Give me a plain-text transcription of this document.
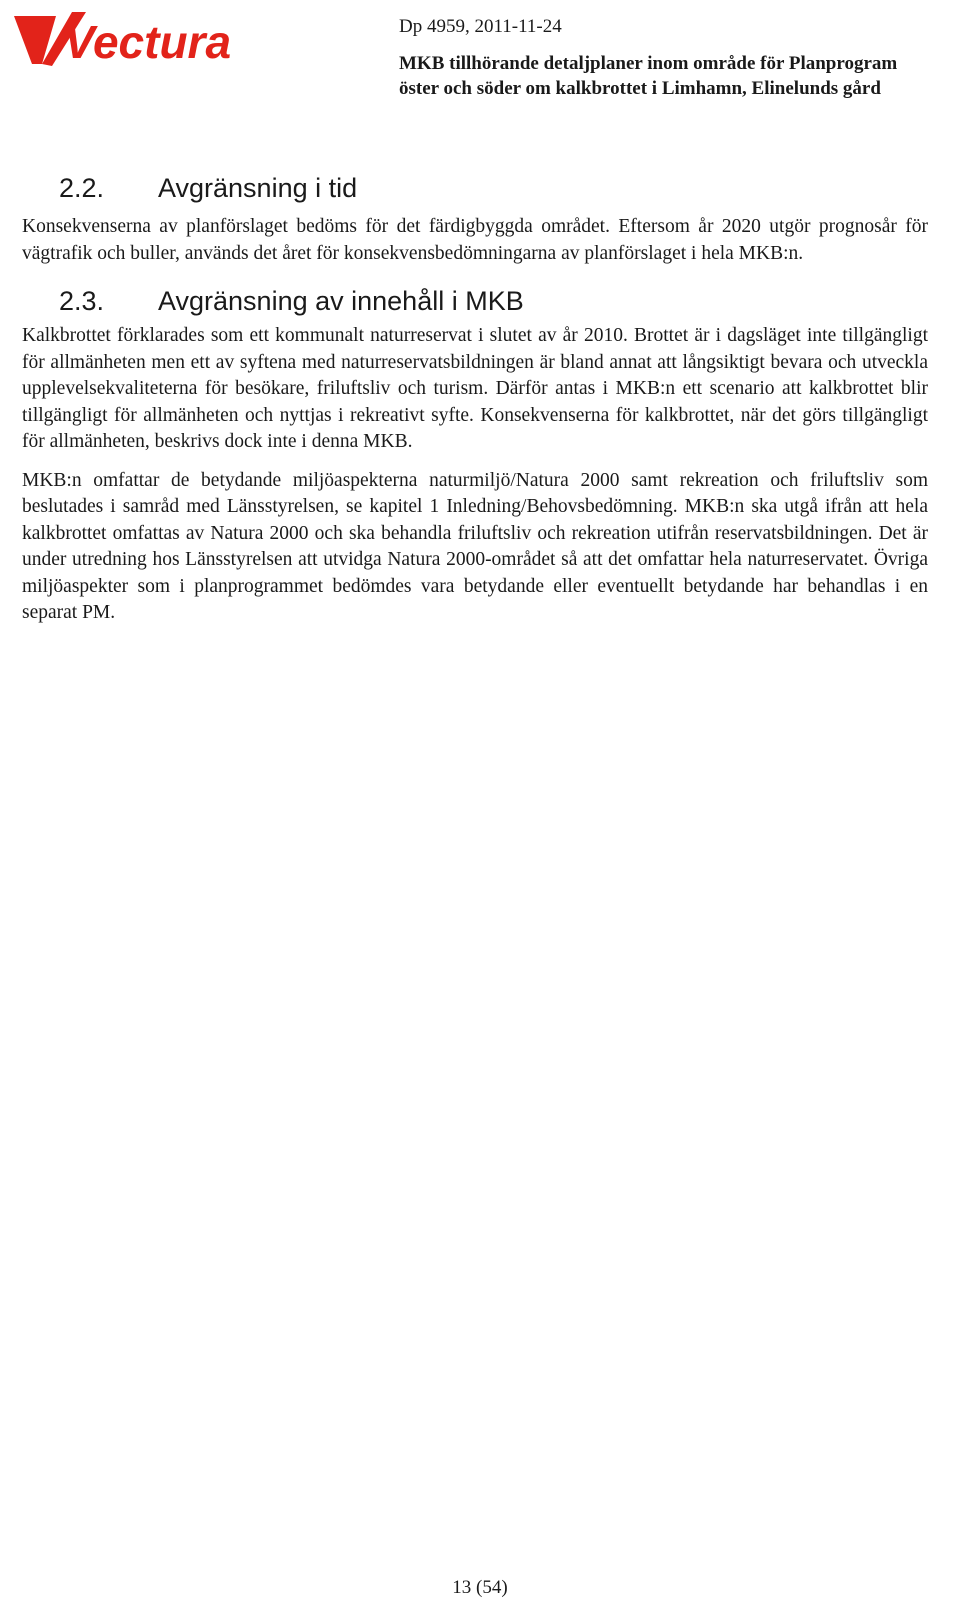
Vectura	Dp 4959, 2011-11-24
MKB tillhörande detaljplaner inom område för Planprogram
öster och söder om kalkbrottet i Limhamn, Elinelunds gård
2.2.	Avgränsning i tid

Konsekvenserna av planförslaget bedöms för det färdigbyggda området. Eftersom år 2020 utgör prognosår för vägtrafik och buller, används det året för konsekvensbedömningarna av planförslaget i hela MKB:n.

2.3.	Avgränsning av innehåll i MKB

Kalkbrottet förklarades som ett kommunalt naturreservat i slutet av år 2010. Brottet är i dagsläget inte tillgängligt för allmänheten men ett av syftena med naturreservatsbildningen är bland annat att långsiktigt bevara och utveckla upplevelsekvaliteterna för besökare, friluftsliv och turism. Därför antas i MKB:n ett scenario att kalkbrottet blir tillgängligt för allmänheten och nyttjas i rekreativt syfte. Konsekvenserna för kalkbrottet, när det görs tillgängligt för allmänheten, beskrivs dock inte i denna MKB.

MKB:n omfattar de betydande miljöaspekterna naturmiljö/Natura 2000 samt rekreation och friluftsliv som beslutades i samråd med Länsstyrelsen, se kapitel 1 Inledning/Behovsbedömning. MKB:n ska utgå ifrån att hela kalkbrottet omfattas av Natura 2000 och ska behandla friluftsliv och rekreation utifrån reservatsbildningen. Det är under utredning hos Länsstyrelsen att utvidga Natura 2000-området så att det omfattar hela naturreservatet. Övriga miljöaspekter som i planprogrammet bedömdes vara betydande eller eventuellt betydande har behandlas i en separat PM.

13 (54)
